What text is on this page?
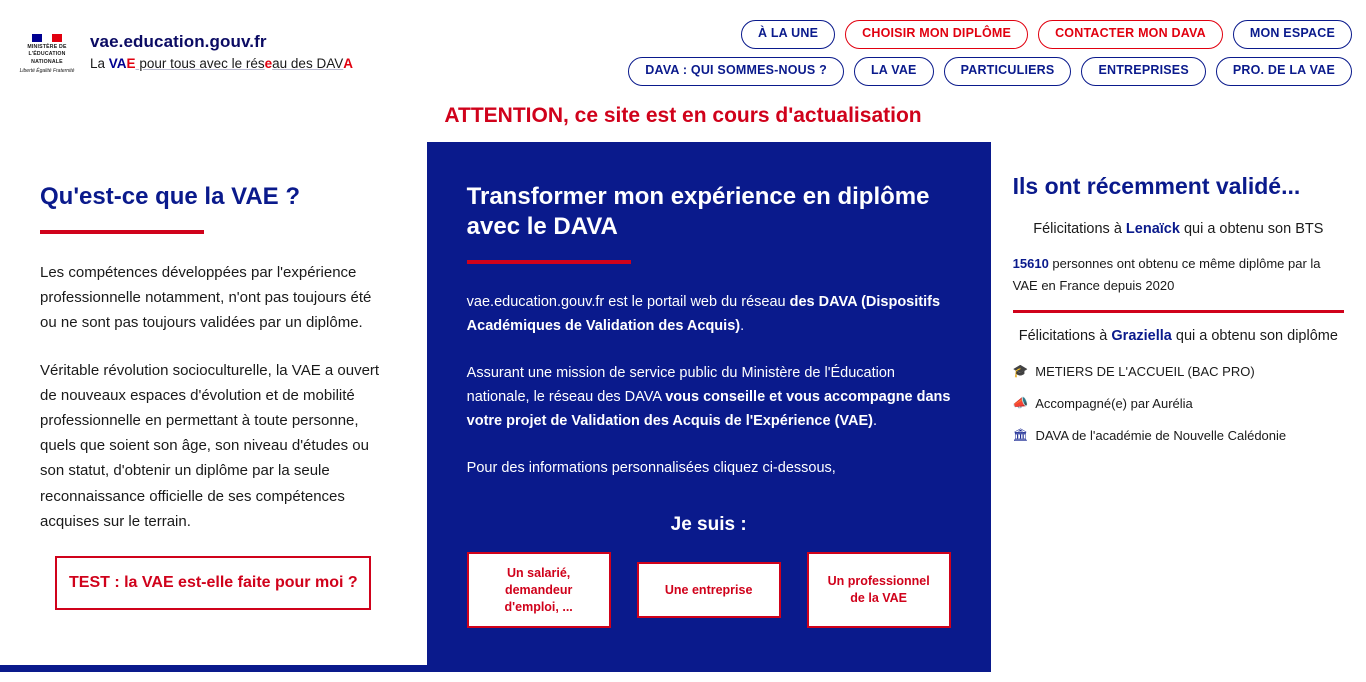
MINISTÈRE DE L'ÉDUCATION NATIONALE
Liberté Égalité Fraternité
vae.education.gouv.fr
La VAE pour tous avec le réseau des DAVA
À LA UNE	CHOISIR MON DIPLÔME	CONTACTER MON DAVA	MON ESPACE
DAVA : QUI SOMMES-NOUS ?	LA VAE	PARTICULIERS	ENTREPRISES	PRO. DE LA VAE
ATTENTION, ce site est en cours d'actualisation
Qu'est-ce que la VAE ?

Les compétences développées par l'expérience professionnelle notamment, n'ont pas toujours été ou ne sont pas toujours validées par un diplôme.

Véritable révolution socioculturelle, la VAE a ouvert de nouveaux espaces d'évolution et de mobilité professionnelle en permettant à toute personne, quels que soient son âge, son niveau d'études ou son statut, d'obtenir un diplôme par la seule reconnaissance officielle de ses compétences acquises sur le terrain.

TEST : la VAE est-elle faite pour moi ?
Transformer mon expérience en diplôme avec le DAVA

vae.education.gouv.fr est le portail web du réseau des DAVA (Dispositifs Académiques de Validation des Acquis).

Assurant une mission de service public du Ministère de l'Éducation nationale, le réseau des DAVA vous conseille et vous accompagne dans votre projet de Validation des Acquis de l'Expérience (VAE).

Pour des informations personnalisées cliquez ci-dessous,

Je suis :
Un salarié, demandeur d'emploi, ...
Une entreprise
Un professionnel de la VAE
Ils ont récemment validé...
Félicitations à Lenaïck qui a obtenu son BTS
15610 personnes ont obtenu ce même diplôme par la VAE en France depuis 2020
Félicitations à Graziella qui a obtenu son diplôme
🎓 METIERS DE L'ACCUEIL (BAC PRO)
📣 Accompagné(e) par Aurélia
🏛 DAVA de l'académie de Nouvelle Calédonie
